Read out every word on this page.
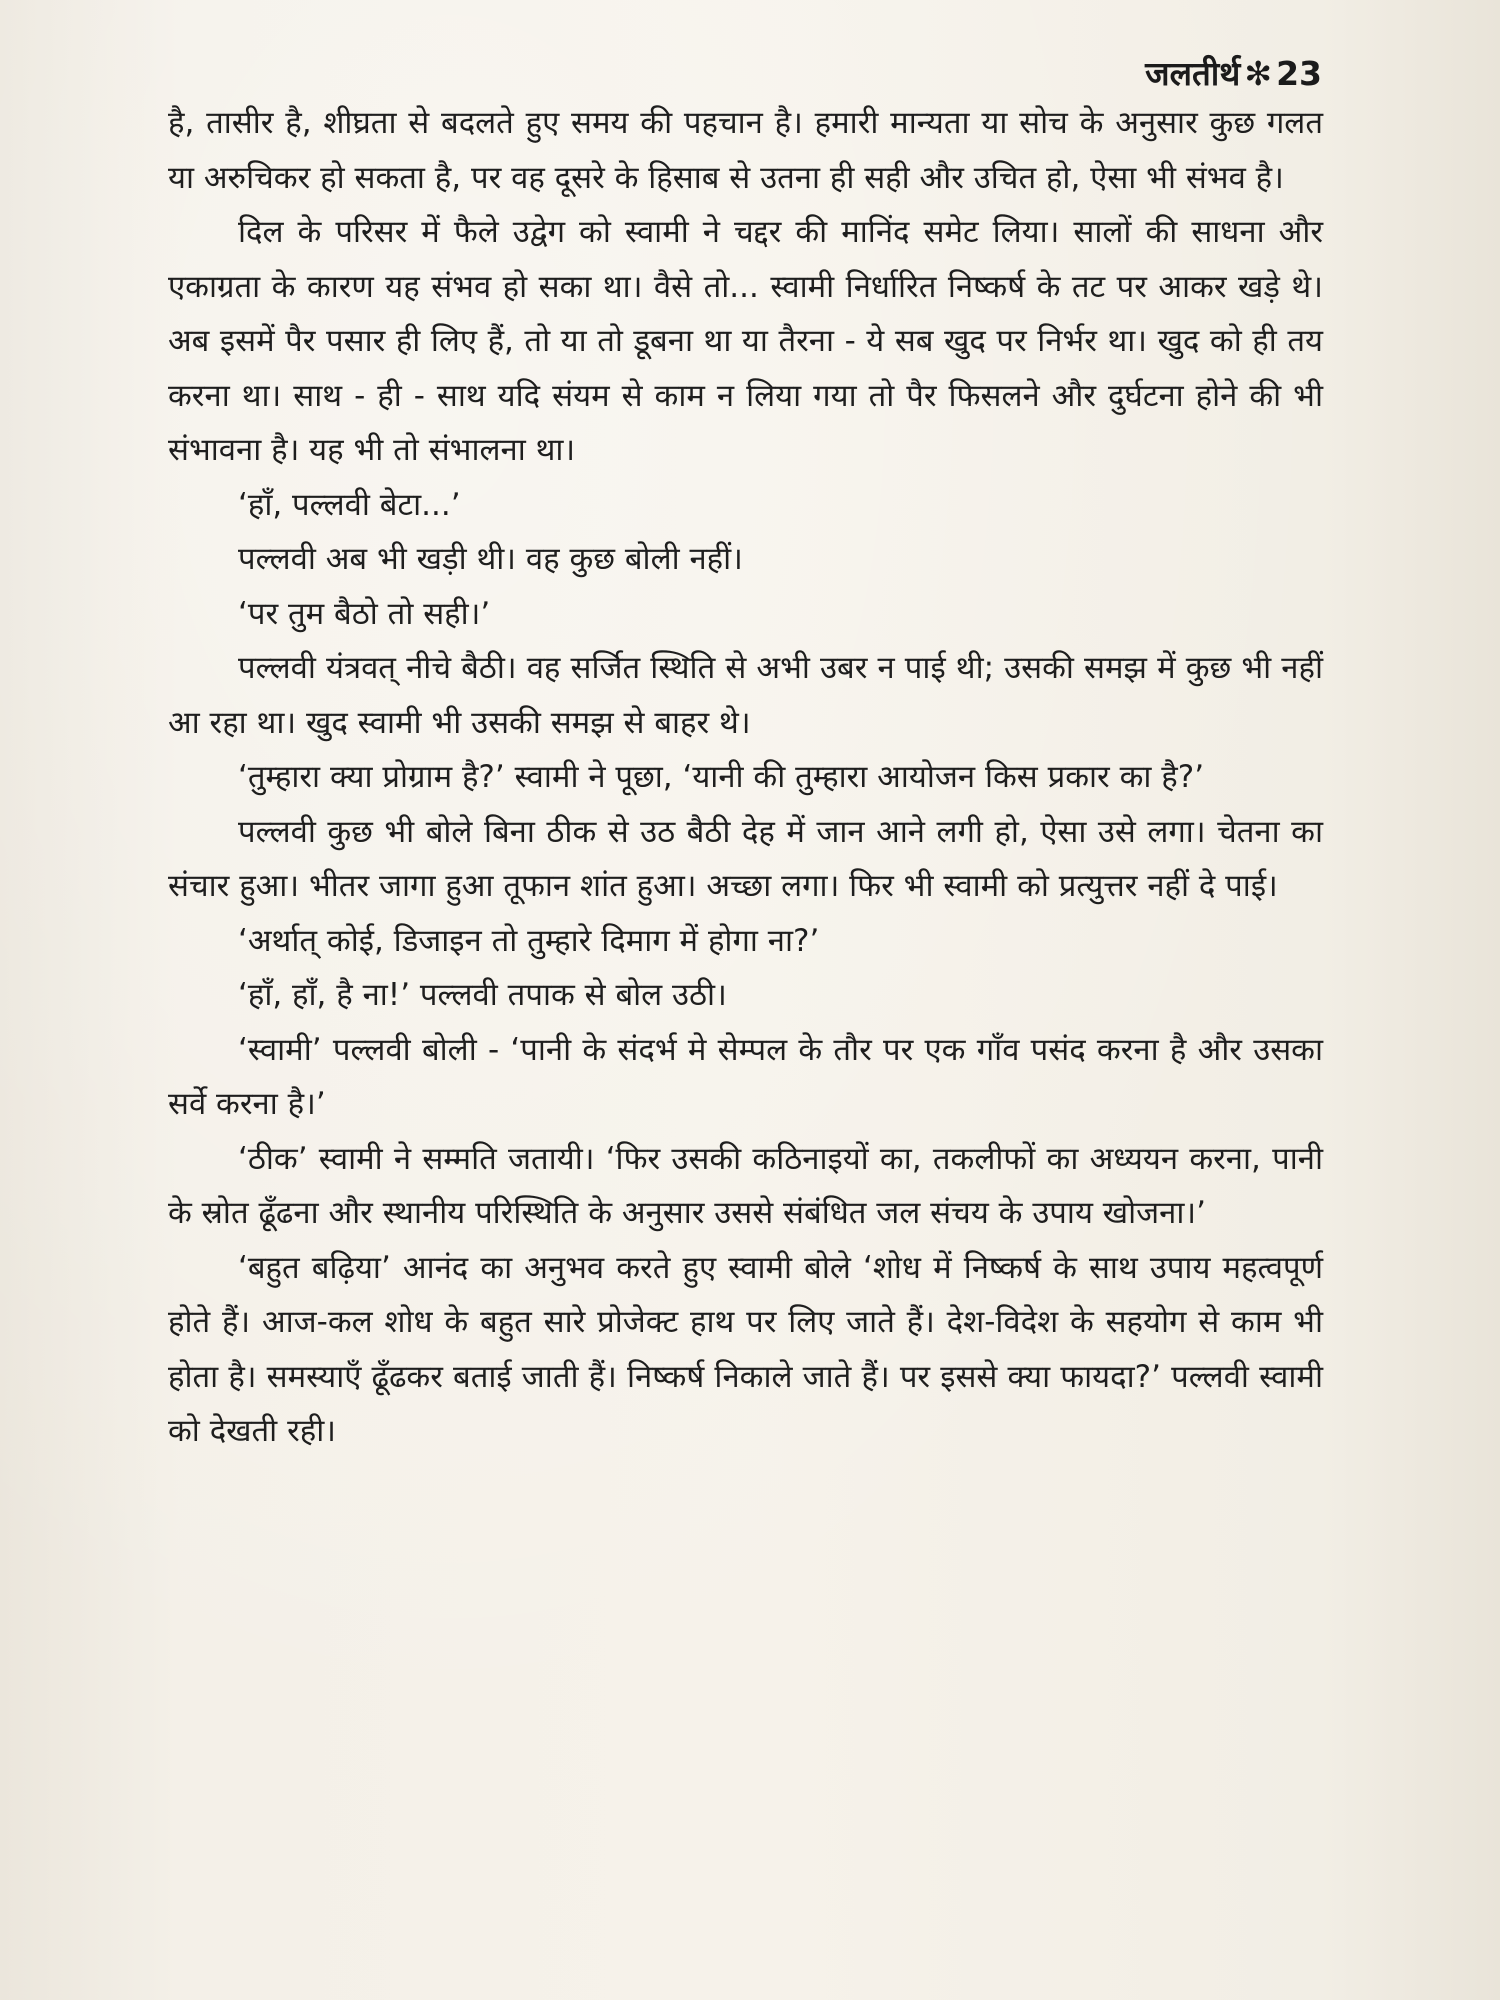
जलतीर्थ ✻ 23

है, तासीर है, शीघ्रता से बदलते हुए समय की पहचान है। हमारी मान्यता या सोच के अनुसार कुछ गलत या अरुचिकर हो सकता है, पर वह दूसरे के हिसाब से उतना ही सही और उचित हो, ऐसा भी संभव है।

दिल के परिसर में फैले उद्वेग को स्वामी ने चद्दर की मानिंद समेट लिया। सालों की साधना और एकाग्रता के कारण यह संभव हो सका था। वैसे तो... स्वामी निर्धारित निष्कर्ष के तट पर आकर खड़े थे। अब इसमें पैर पसार ही लिए हैं, तो या तो डूबना था या तैरना - ये सब खुद पर निर्भर था। खुद को ही तय करना था। साथ - ही - साथ यदि संयम से काम न लिया गया तो पैर फिसलने और दुर्घटना होने की भी संभावना है। यह भी तो संभालना था।

‘हाँ, पल्लवी बेटा...’

पल्लवी अब भी खड़ी थी। वह कुछ बोली नहीं।

‘पर तुम बैठो तो सही।’

पल्लवी यंत्रवत् नीचे बैठी। वह सर्जित स्थिति से अभी उबर न पाई थी; उसकी समझ में कुछ भी नहीं आ रहा था। खुद स्वामी भी उसकी समझ से बाहर थे।

‘तुम्हारा क्या प्रोग्राम है?’ स्वामी ने पूछा, ‘यानी की तुम्हारा आयोजन किस प्रकार का है?’

पल्लवी कुछ भी बोले बिना ठीक से उठ बैठी देह में जान आने लगी हो, ऐसा उसे लगा। चेतना का संचार हुआ। भीतर जागा हुआ तूफान शांत हुआ। अच्छा लगा। फिर भी स्वामी को प्रत्युत्तर नहीं दे पाई।

‘अर्थात् कोई, डिजाइन तो तुम्हारे दिमाग में होगा ना?’

‘हाँ, हाँ, है ना!’ पल्लवी तपाक से बोल उठी।

‘स्वामी’ पल्लवी बोली - ‘पानी के संदर्भ मे सेम्पल के तौर पर एक गाँव पसंद करना है और उसका सर्वे करना है।’

‘ठीक’ स्वामी ने सम्मति जतायी। ‘फिर उसकी कठिनाइयों का, तकलीफों का अध्ययन करना, पानी के स्रोत ढूँढना और स्थानीय परिस्थिति के अनुसार उससे संबंधित जल संचय के उपाय खोजना।’

‘बहुत बढ़िया’ आनंद का अनुभव करते हुए स्वामी बोले ‘शोध में निष्कर्ष के साथ उपाय महत्वपूर्ण होते हैं। आज-कल शोध के बहुत सारे प्रोजेक्ट हाथ पर लिए जाते हैं। देश-विदेश के सहयोग से काम भी होता है। समस्याएँ ढूँढकर बताई जाती हैं। निष्कर्ष निकाले जाते हैं। पर इससे क्या फायदा?’ पल्लवी स्वामी को देखती रही।
